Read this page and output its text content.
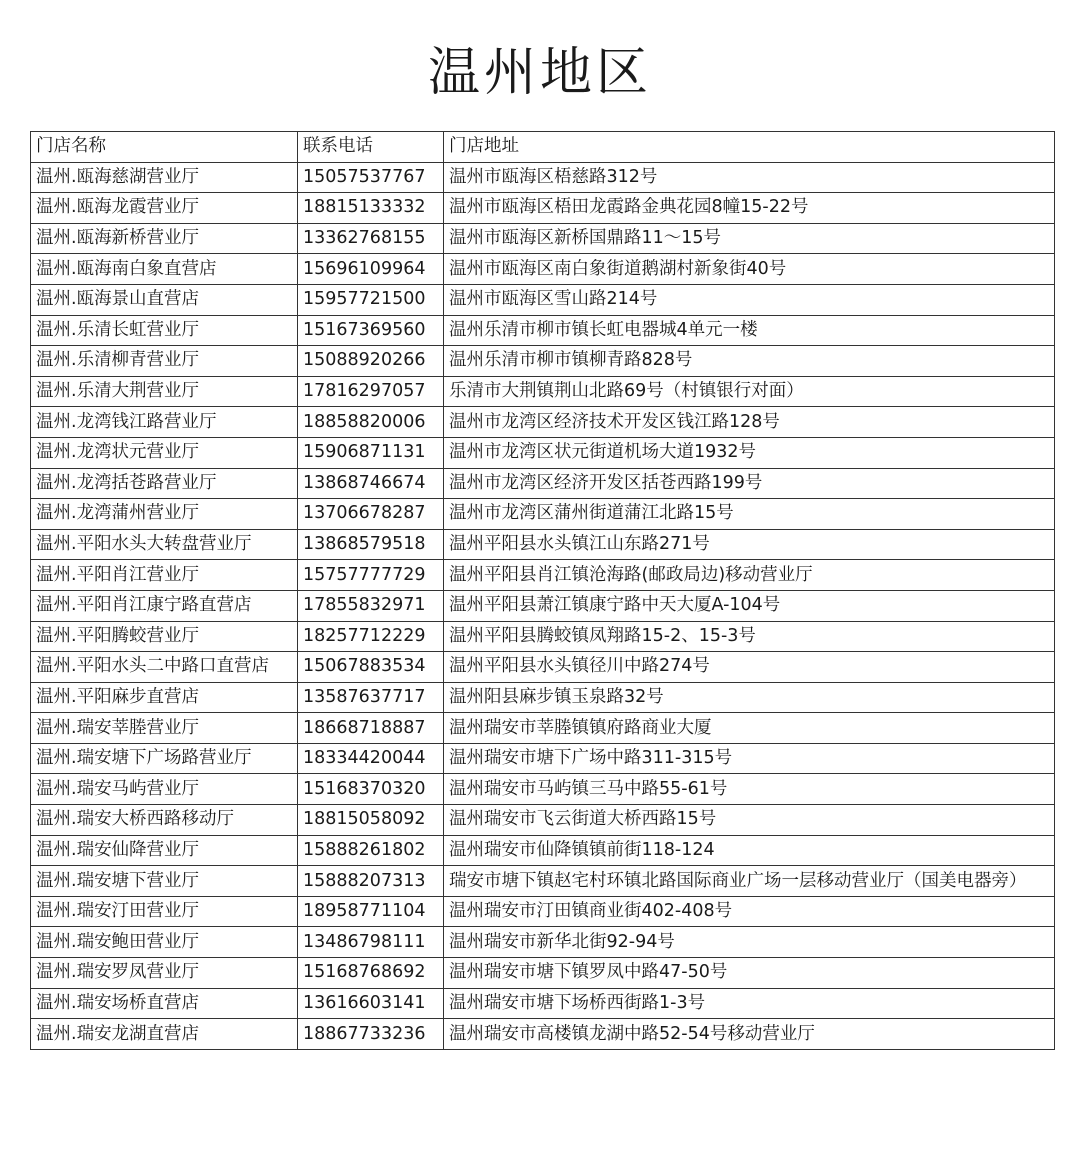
温州地区
门店名称	联系电话	门店地址
温州.瓯海慈湖营业厅	15057537767	温州市瓯海区梧慈路312号
温州.瓯海龙霞营业厅	18815133332	温州市瓯海区梧田龙霞路金典花园8幢15-22号
温州.瓯海新桥营业厅	13362768155	温州市瓯海区新桥国鼎路11～15号
温州.瓯海南白象直营店	15696109964	温州市瓯海区南白象街道鹅湖村新象街40号
温州.瓯海景山直营店	15957721500	温州市瓯海区雪山路214号
温州.乐清长虹营业厅	15167369560	温州乐清市柳市镇长虹电器城4单元一楼
温州.乐清柳青营业厅	15088920266	温州乐清市柳市镇柳青路828号
温州.乐清大荆营业厅	17816297057	乐清市大荆镇荆山北路69号（村镇银行对面）
温州.龙湾钱江路营业厅	18858820006	温州市龙湾区经济技术开发区钱江路128号
温州.龙湾状元营业厅	15906871131	温州市龙湾区状元街道机场大道1932号
温州.龙湾括苍路营业厅	13868746674	温州市龙湾区经济开发区括苍西路199号
温州.龙湾蒲州营业厅	13706678287	温州市龙湾区蒲州街道蒲江北路15号
温州.平阳水头大转盘营业厅	13868579518	温州平阳县水头镇江山东路271号
温州.平阳肖江营业厅	15757777729	温州平阳县肖江镇沧海路(邮政局边)移动营业厅
温州.平阳肖江康宁路直营店	17855832971	温州平阳县萧江镇康宁路中天大厦A-104号
温州.平阳腾蛟营业厅	18257712229	温州平阳县腾蛟镇凤翔路15-2、15-3号
温州.平阳水头二中路口直营店	15067883534	温州平阳县水头镇径川中路274号
温州.平阳麻步直营店	13587637717	温州阳县麻步镇玉泉路32号
温州.瑞安莘塍营业厅	18668718887	温州瑞安市莘塍镇镇府路商业大厦
温州.瑞安塘下广场路营业厅	18334420044	温州瑞安市塘下广场中路311-315号
温州.瑞安马屿营业厅	15168370320	温州瑞安市马屿镇三马中路55-61号
温州.瑞安大桥西路移动厅	18815058092	温州瑞安市飞云街道大桥西路15号
温州.瑞安仙降营业厅	15888261802	温州瑞安市仙降镇镇前街118-124
温州.瑞安塘下营业厅	15888207313	瑞安市塘下镇赵宅村环镇北路国际商业广场一层移动营业厅（国美电器旁）
温州.瑞安汀田营业厅	18958771104	温州瑞安市汀田镇商业街402-408号
温州.瑞安鲍田营业厅	13486798111	温州瑞安市新华北街92-94号
温州.瑞安罗凤营业厅	15168768692	温州瑞安市塘下镇罗凤中路47-50号
温州.瑞安场桥直营店	13616603141	温州瑞安市塘下场桥西街路1-3号
温州.瑞安龙湖直营店	18867733236	温州瑞安市高楼镇龙湖中路52-54号移动营业厅
